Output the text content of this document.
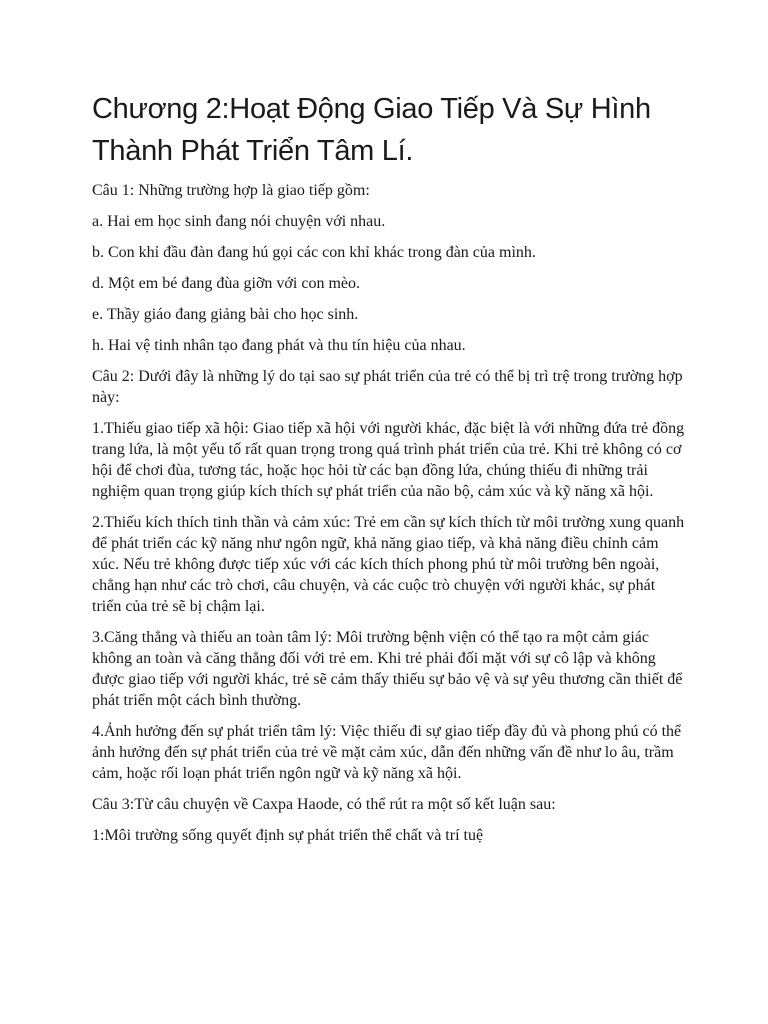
Chương 2:Hoạt Động Giao Tiếp Và Sự Hình Thành Phát Triển Tâm Lí.

Câu 1: Những trường hợp là giao tiếp gồm:

a. Hai em học sinh đang nói chuyện với nhau.

b. Con khỉ đầu đàn đang hú gọi các con khỉ khác trong đàn của mình.

d. Một em bé đang đùa giỡn với con mèo.

e. Thầy giáo đang giảng bài cho học sinh.

h. Hai vệ tinh nhân tạo đang phát và thu tín hiệu của nhau.

Câu 2: Dưới đây là những lý do tại sao sự phát triển của trẻ có thể bị trì trệ trong trường hợp này:

1.Thiếu giao tiếp xã hội: Giao tiếp xã hội với người khác, đặc biệt là với những đứa trẻ đồng trang lứa, là một yếu tố rất quan trọng trong quá trình phát triển của trẻ. Khi trẻ không có cơ hội để chơi đùa, tương tác, hoặc học hỏi từ các bạn đồng lứa, chúng thiếu đi những trải nghiệm quan trọng giúp kích thích sự phát triển của não bộ, cảm xúc và kỹ năng xã hội.

2.Thiếu kích thích tinh thần và cảm xúc: Trẻ em cần sự kích thích từ môi trường xung quanh để phát triển các kỹ năng như ngôn ngữ, khả năng giao tiếp, và khả năng điều chỉnh cảm xúc. Nếu trẻ không được tiếp xúc với các kích thích phong phú từ môi trường bên ngoài, chẳng hạn như các trò chơi, câu chuyện, và các cuộc trò chuyện với người khác, sự phát triển của trẻ sẽ bị chậm lại.

3.Căng thẳng và thiếu an toàn tâm lý: Môi trường bệnh viện có thể tạo ra một cảm giác không an toàn và căng thẳng đối với trẻ em. Khi trẻ phải đối mặt với sự cô lập và không được giao tiếp với người khác, trẻ sẽ cảm thấy thiếu sự bảo vệ và sự yêu thương cần thiết để phát triển một cách bình thường.

4.Ảnh hưởng đến sự phát triển tâm lý: Việc thiếu đi sự giao tiếp đầy đủ và phong phú có thể ảnh hưởng đến sự phát triển của trẻ về mặt cảm xúc, dẫn đến những vấn đề như lo âu, trầm cảm, hoặc rối loạn phát triển ngôn ngữ và kỹ năng xã hội.

Câu 3:Từ câu chuyện về Caxpa Haode, có thể rút ra một số kết luận sau:

1:Môi trường sống quyết định sự phát triển thể chất và trí tuệ
